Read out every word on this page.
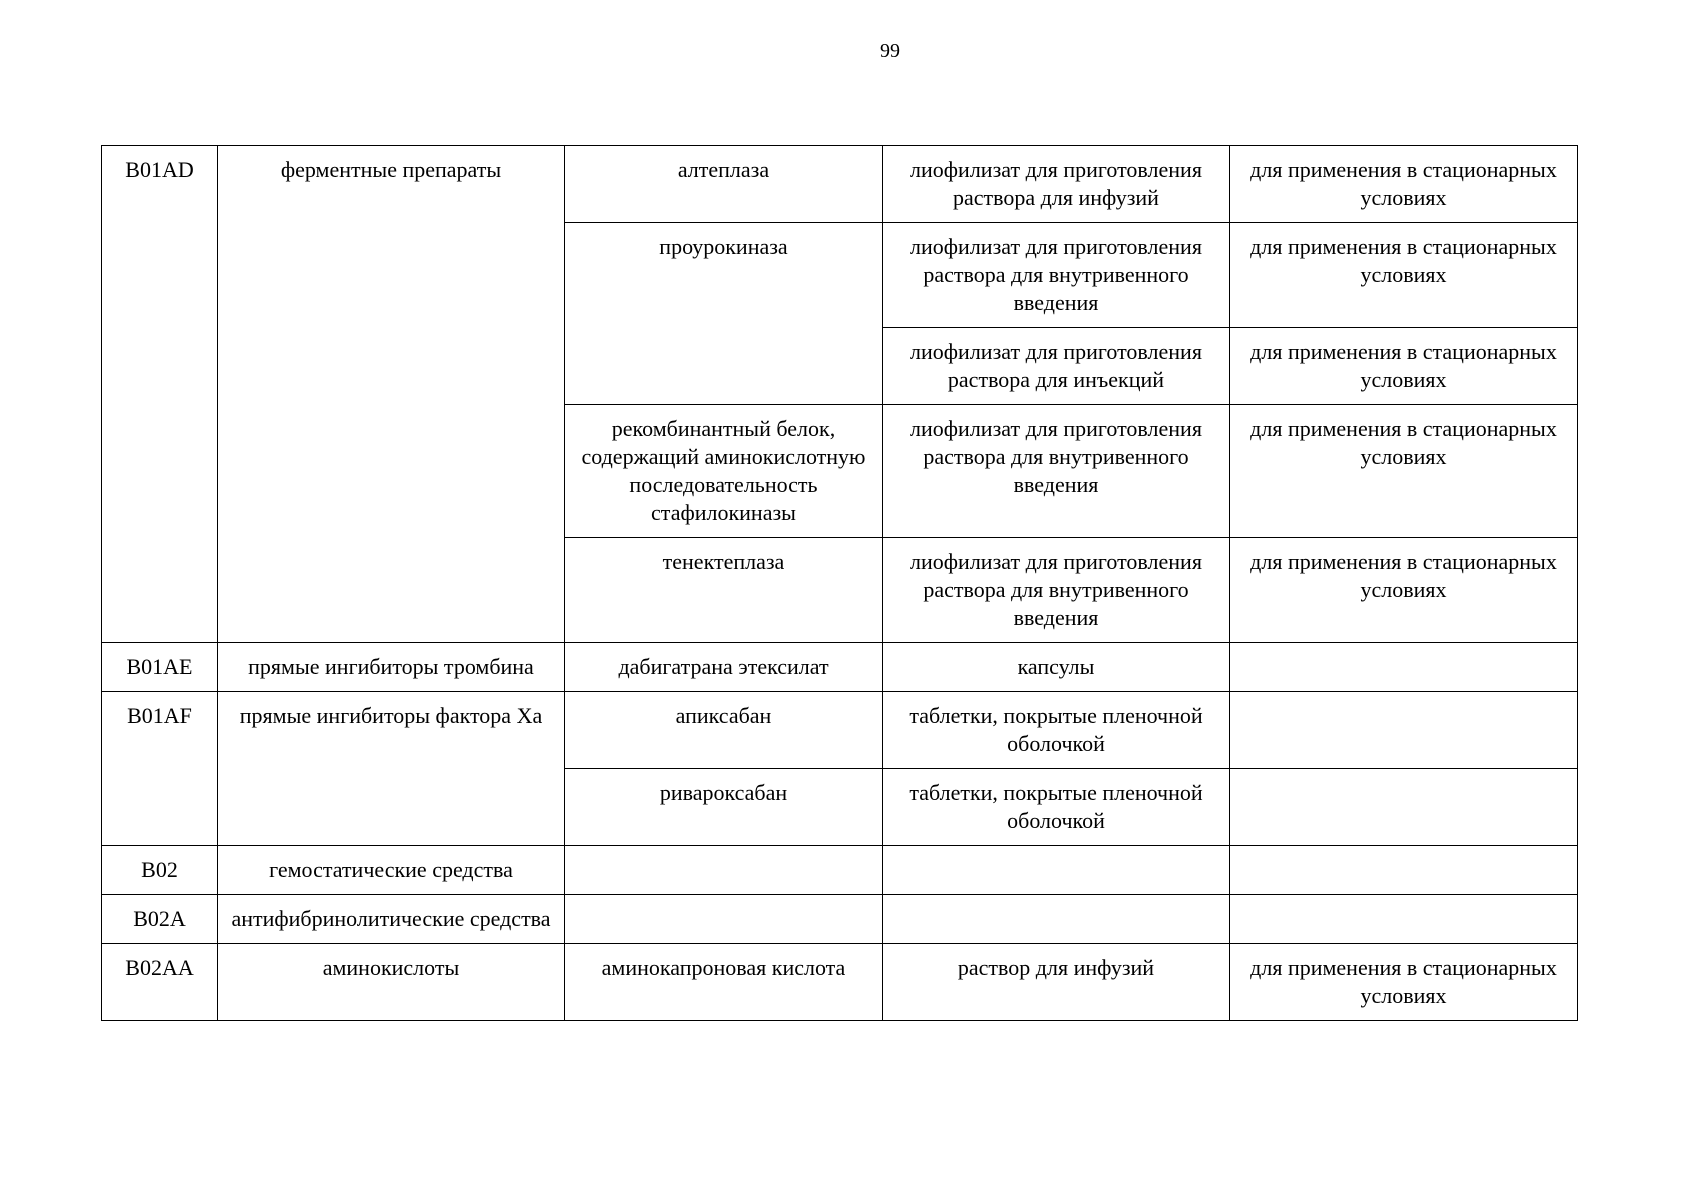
99
B01AD	ферментные препараты	алтеплаза	лиофилизат для приготовления раствора для инфузий	для применения в стационарных условиях
		проурокиназа	лиофилизат для приготовления раствора для внутривенного введения	для применения в стационарных условиях
			лиофилизат для приготовления раствора для инъекций	для применения в стационарных условиях
		рекомбинантный белок, содержащий аминокислотную последовательность стафилокиназы	лиофилизат для приготовления раствора для внутривенного введения	для применения в стационарных условиях
		тенектеплаза	лиофилизат для приготовления раствора для внутривенного введения	для применения в стационарных условиях
B01AE	прямые ингибиторы тромбина	дабигатрана этексилат	капсулы	
B01AF	прямые ингибиторы фактора Xa	апиксабан	таблетки, покрытые пленочной оболочкой	
		ривароксабан	таблетки, покрытые пленочной оболочкой	
B02	гемостатические средства			
B02A	антифибринолитические средства			
B02AA	аминокислоты	аминокапроновая кислота	раствор для инфузий	для применения в стационарных условиях
